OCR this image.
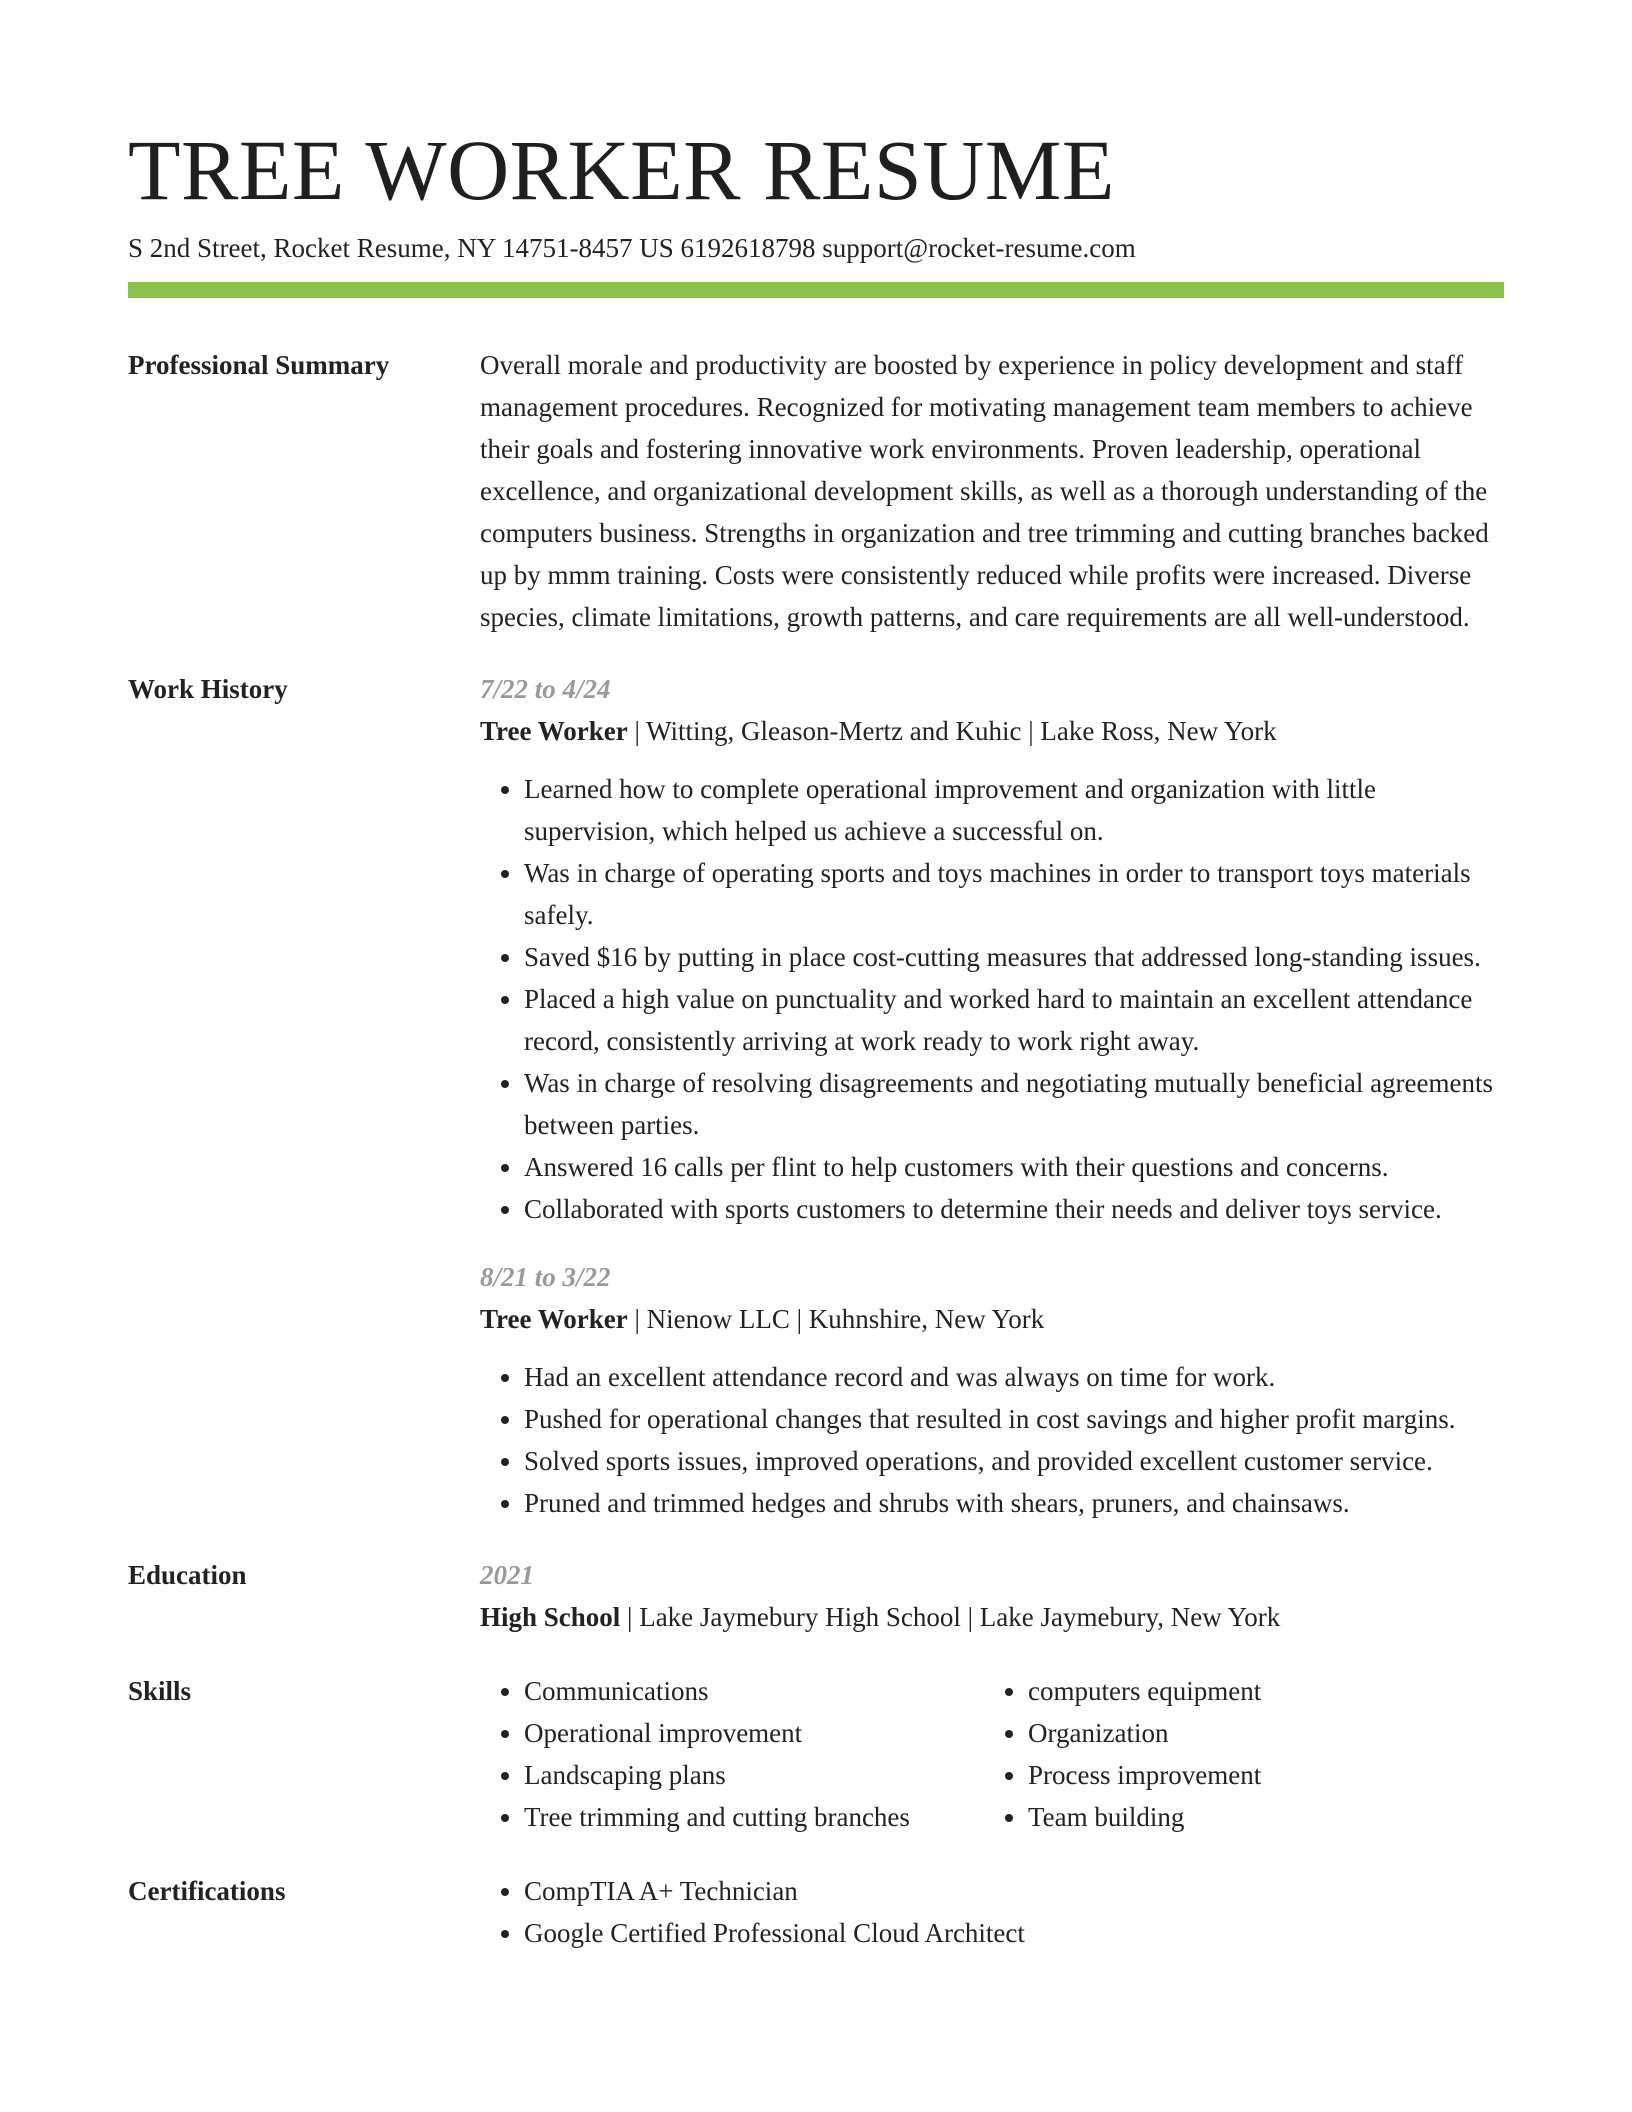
TREE WORKER RESUME
S 2nd Street, Rocket Resume, NY 14751-8457 US 6192618798 support@rocket-resume.com
Professional Summary	Overall morale and productivity are boosted by experience in policy development and staff management procedures. Recognized for motivating management team members to achieve their goals and fostering innovative work environments. Proven leadership, operational excellence, and organizational development skills, as well as a thorough understanding of the computers business. Strengths in organization and tree trimming and cutting branches backed up by mmm training. Costs were consistently reduced while profits were increased. Diverse species, climate limitations, growth patterns, and care requirements are all well-understood.

Work History	7/22 to 4/24
Tree Worker | Witting, Gleason-Mertz and Kuhic | Lake Ross, New York
• Learned how to complete operational improvement and organization with little supervision, which helped us achieve a successful on.
• Was in charge of operating sports and toys machines in order to transport toys materials safely.
• Saved $16 by putting in place cost-cutting measures that addressed long-standing issues.
• Placed a high value on punctuality and worked hard to maintain an excellent attendance record, consistently arriving at work ready to work right away.
• Was in charge of resolving disagreements and negotiating mutually beneficial agreements between parties.
• Answered 16 calls per flint to help customers with their questions and concerns.
• Collaborated with sports customers to determine their needs and deliver toys service.
8/21 to 3/22
Tree Worker | Nienow LLC | Kuhnshire, New York
• Had an excellent attendance record and was always on time for work.
• Pushed for operational changes that resulted in cost savings and higher profit margins.
• Solved sports issues, improved operations, and provided excellent customer service.
• Pruned and trimmed hedges and shrubs with shears, pruners, and chainsaws.
Education	2021
High School | Lake Jaymebury High School | Lake Jaymebury, New York
Skills	• Communications
• Operational improvement
• Landscaping plans
• Tree trimming and cutting branches
• computers equipment
• Organization
• Process improvement
• Team building
Certifications	• CompTIA A+ Technician
• Google Certified Professional Cloud Architect
